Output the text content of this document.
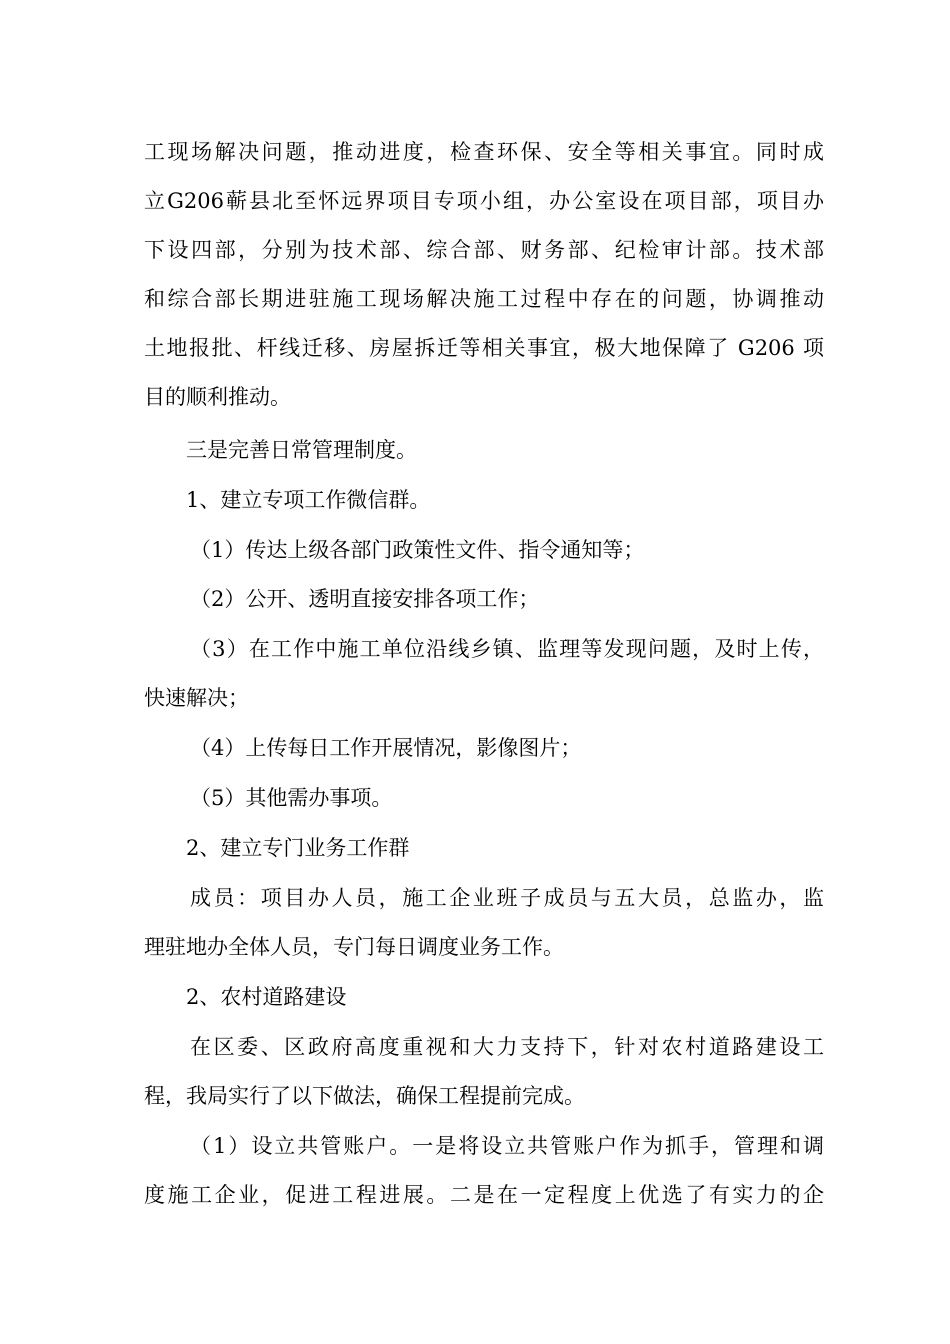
工现场解决问题，推动进度，检查环保、安全等相关事宜。同时成
立G206蕲县北至怀远界项目专项小组，办公室设在项目部，项目办
下设四部，分别为技术部、综合部、财务部、纪检审计部。技术部
和综合部长期进驻施工现场解决施工过程中存在的问题，协调推动
土地报批、杆线迁移、房屋拆迁等相关事宜，极大地保障了 G206 项
目的顺利推动。
三是完善日常管理制度。
1、建立专项工作微信群。
（1）传达上级各部门政策性文件、指令通知等；
（2）公开、透明直接安排各项工作；
（3）在工作中施工单位沿线乡镇、监理等发现问题，及时上传，
快速解决；
（4）上传每日工作开展情况，影像图片；
（5）其他需办事项。
2、建立专门业务工作群
成员：项目办人员，施工企业班子成员与五大员，总监办，监
理驻地办全体人员，专门每日调度业务工作。
2、农村道路建设
在区委、区政府高度重视和大力支持下，针对农村道路建设工
程，我局实行了以下做法，确保工程提前完成。
（1）设立共管账户。一是将设立共管账户作为抓手，管理和调
度施工企业，促进工程进展。二是在一定程度上优选了有实力的企
